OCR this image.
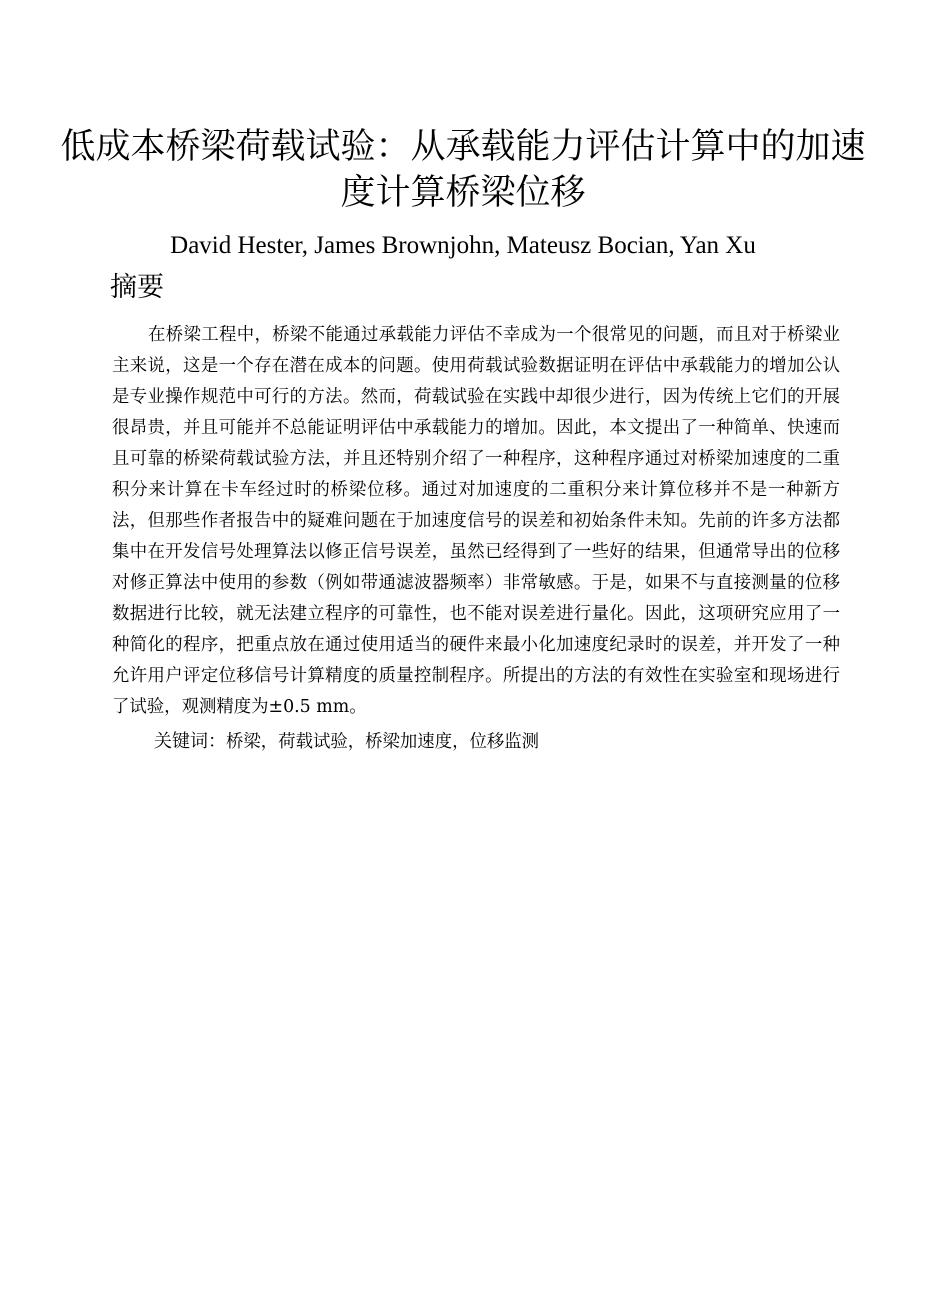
低成本桥梁荷载试验：从承载能力评估计算中的加速度计算桥梁位移
David Hester, James Brownjohn, Mateusz Bocian, Yan Xu
摘要

在桥梁工程中，桥梁不能通过承载能力评估不幸成为一个很常见的问题，而且对于桥梁业主来说，这是一个存在潜在成本的问题。使用荷载试验数据证明在评估中承载能力的增加公认是专业操作规范中可行的方法。然而，荷载试验在实践中却很少进行，因为传统上它们的开展很昂贵，并且可能并不总能证明评估中承载能力的增加。因此，本文提出了一种简单、快速而且可靠的桥梁荷载试验方法，并且还特别介绍了一种程序，这种程序通过对桥梁加速度的二重积分来计算在卡车经过时的桥梁位移。通过对加速度的二重积分来计算位移并不是一种新方法，但那些作者报告中的疑难问题在于加速度信号的误差和初始条件未知。先前的许多方法都集中在开发信号处理算法以修正信号误差，虽然已经得到了一些好的结果，但通常导出的位移对修正算法中使用的参数（例如带通滤波器频率）非常敏感。于是，如果不与直接测量的位移数据进行比较，就无法建立程序的可靠性，也不能对误差进行量化。因此，这项研究应用了一种简化的程序，把重点放在通过使用适当的硬件来最小化加速度纪录时的误差，并开发了一种允许用户评定位移信号计算精度的质量控制程序。所提出的方法的有效性在实验室和现场进行了试验，观测精度为±0.5 mm。

关键词：桥梁，荷载试验，桥梁加速度，位移监测
